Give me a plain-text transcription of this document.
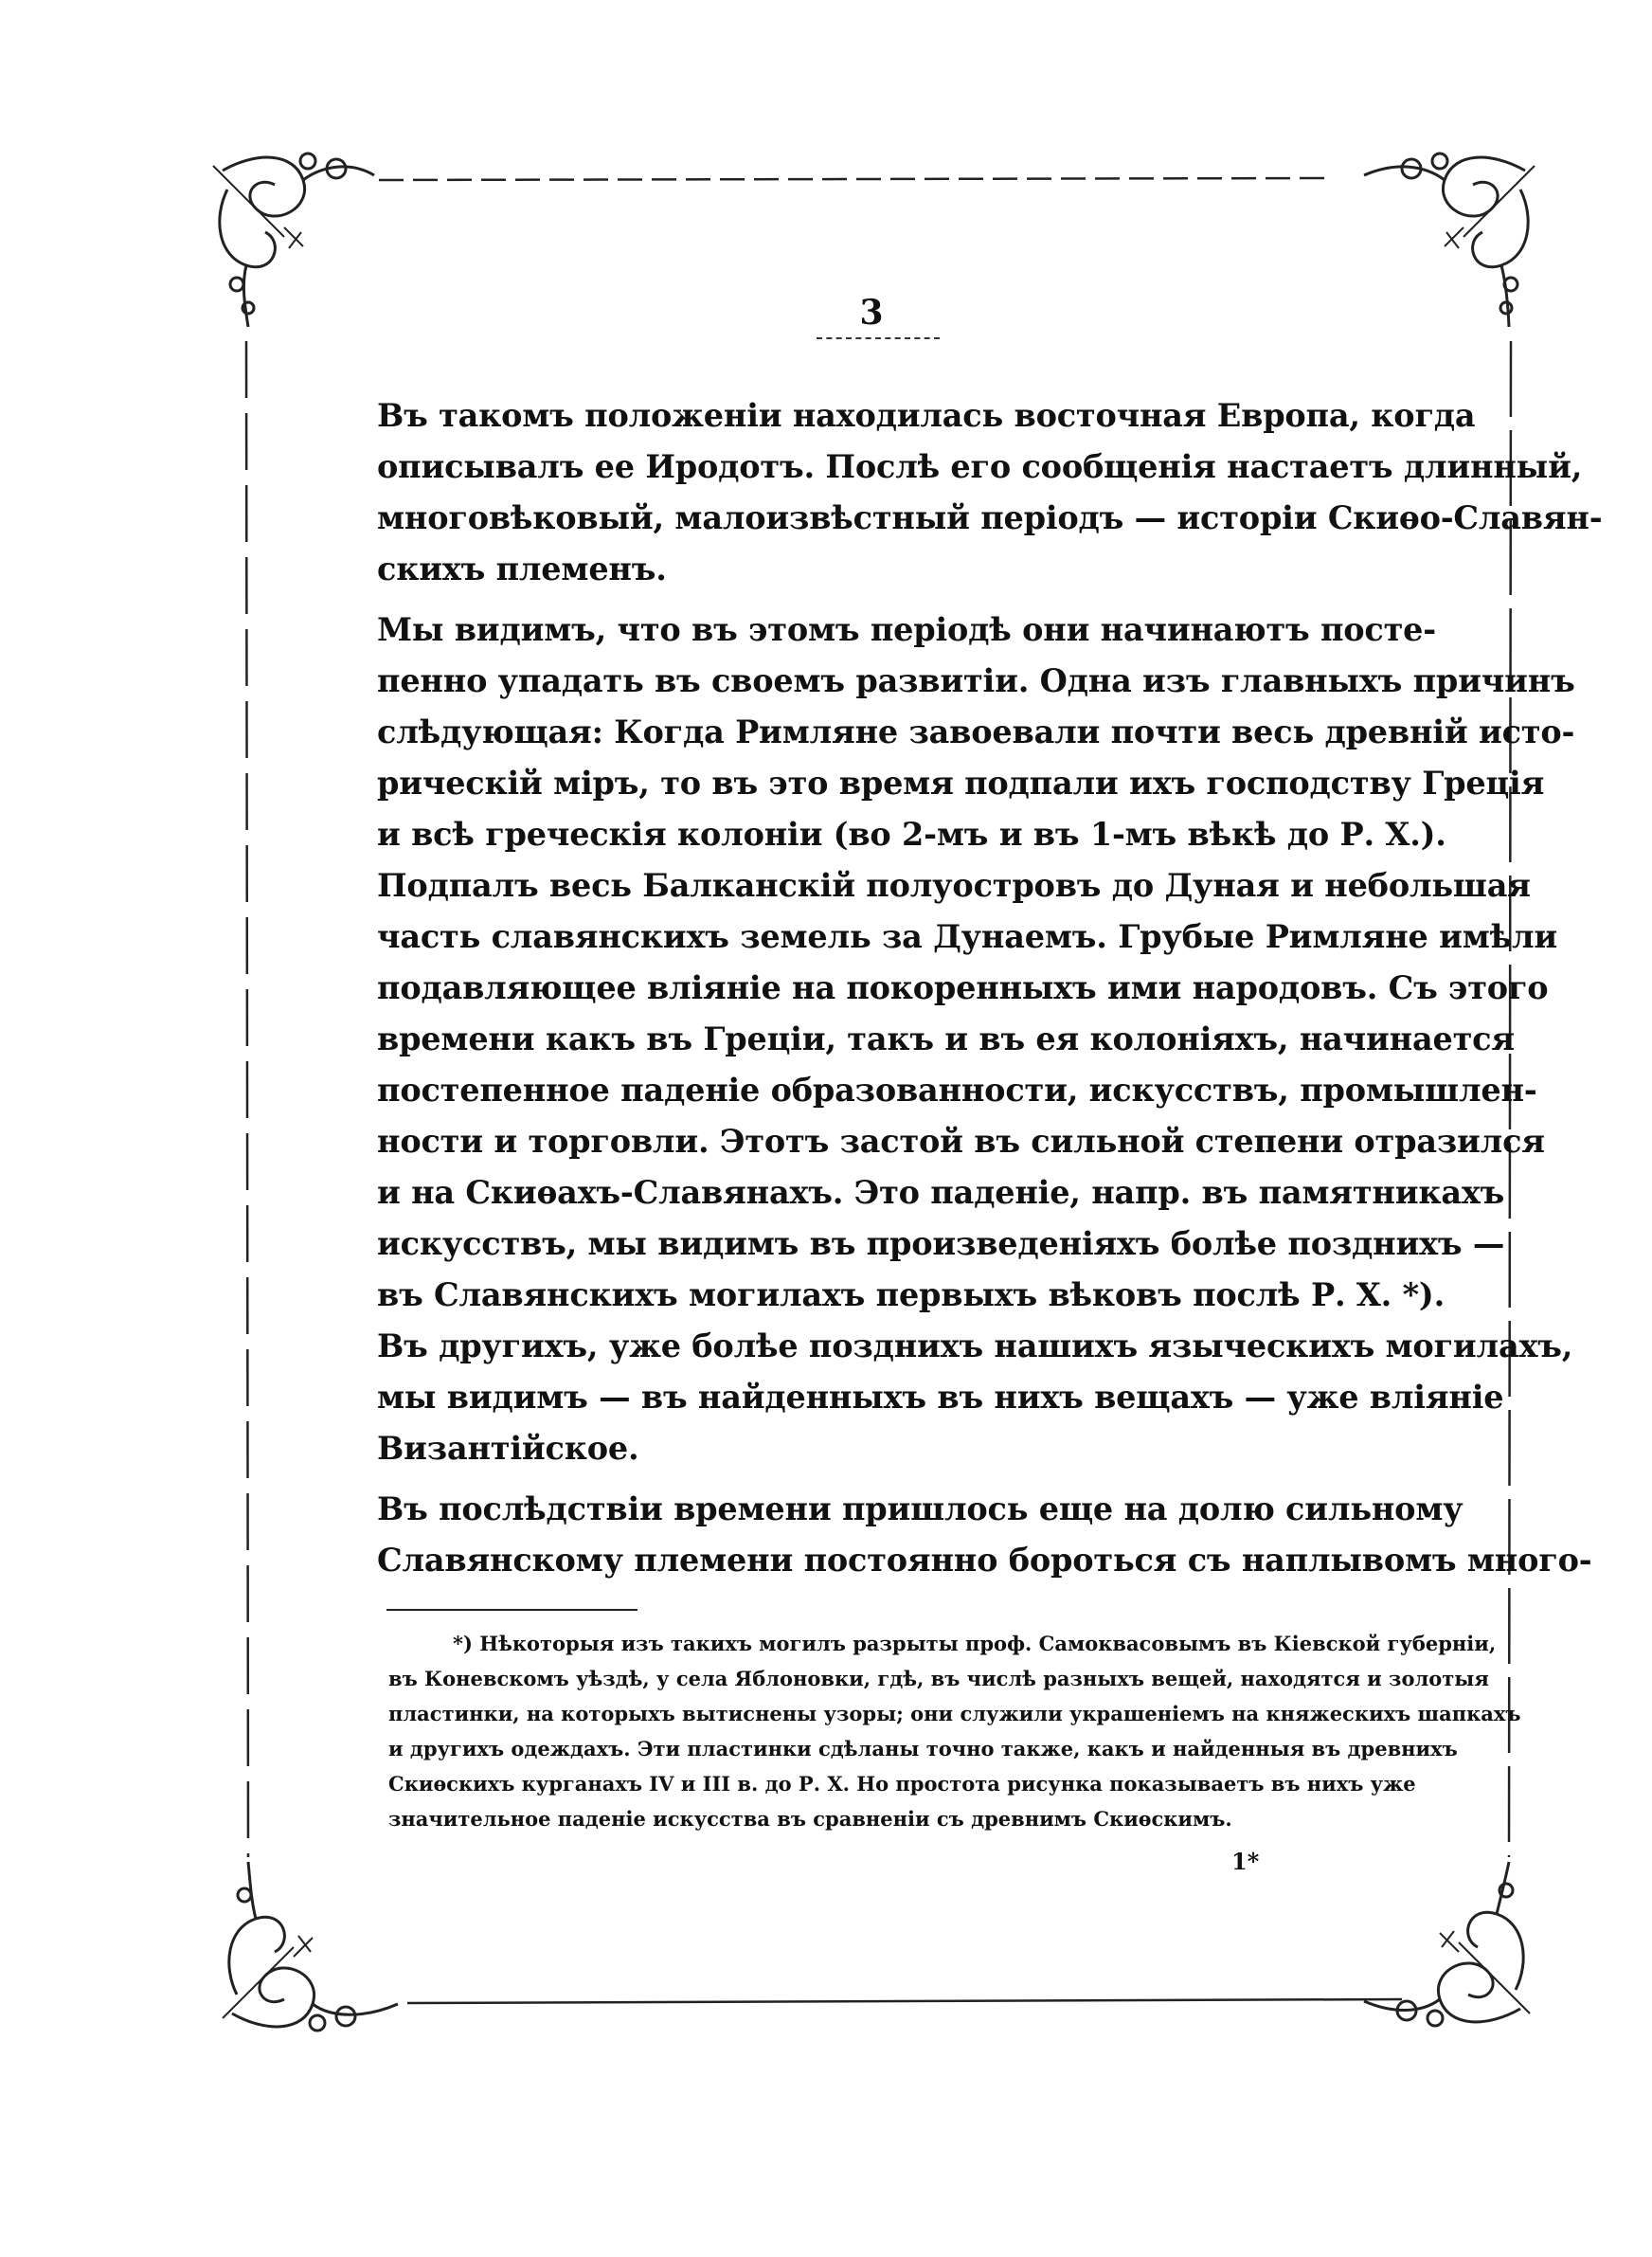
3
Въ такомъ положенiи находилась восточная Европа, когда
описывалъ ее Иродотъ. Послѣ его сообщенiя настаетъ длинный,
многовѣковый, малоизвѣстный перiодъ — исторiи Скиѳо-Славян-
скихъ племенъ.
Мы видимъ, что въ этомъ перiодѣ они начинаютъ посте-
пенно упадать въ своемъ развитiи. Одна изъ главныхъ причинъ
слѣдующая: Когда Римляне завоевали почти весь древнiй исто-
рическiй мiръ, то въ это время подпали ихъ господству Грецiя
и всѣ греческiя колонiи (во 2-мъ и въ 1-мъ вѣкѣ до Р. Х.).
Подпалъ весь Балканскiй полуостровъ до Дуная и небольшая
часть славянскихъ земель за Дунаемъ. Грубые Римляне имѣли
подавляющее влiянiе на покоренныхъ ими народовъ. Съ этого
времени какъ въ Грецiи, такъ и въ ея колонiяхъ, начинается
постепенное паденiе образованности, искусствъ, промышлен-
ности и торговли. Этотъ застой въ сильной степени отразился
и на Скиѳахъ-Славянахъ. Это паденiе, напр. въ памятникахъ
искусствъ, мы видимъ въ произведенiяхъ болѣе позднихъ —
въ Славянскихъ могилахъ первыхъ вѣковъ послѣ Р. Х. *).
Въ другихъ, уже болѣе позднихъ нашихъ языческихъ могилахъ,
мы видимъ — въ найденныхъ въ нихъ вещахъ — уже влiянiе
Византiйское.
Въ послѣдствiи времени пришлось еще на долю сильному
Славянскому племени постоянно бороться съ наплывомъ много-
*) Нѣкоторыя изъ такихъ могилъ разрыты проф. Самоквасовымъ въ Кiевской губернiи,
въ Коневскомъ уѣздѣ, у села Яблоновки, гдѣ, въ числѣ разныхъ вещей, находятся и золотыя
пластинки, на которыхъ вытиснены узоры; они служили украшенiемъ на княжескихъ шапкахъ
и другихъ одеждахъ. Эти пластинки сдѣланы точно также, какъ и найденныя въ древнихъ
Скиѳскихъ курганахъ IV и III в. до Р. Х. Но простота рисунка показываетъ въ нихъ уже
значительное паденiе искусства въ сравненiи съ древнимъ Скиѳскимъ.
1*
